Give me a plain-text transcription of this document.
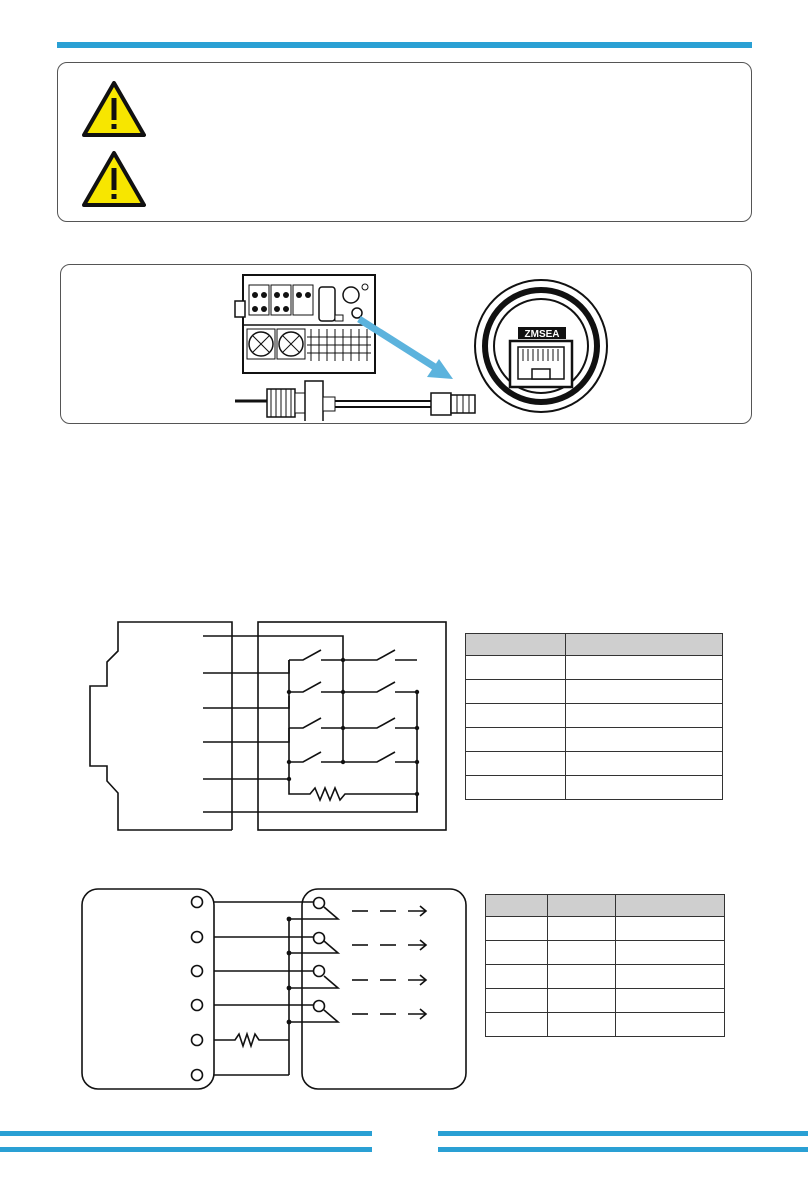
ZMSEA
